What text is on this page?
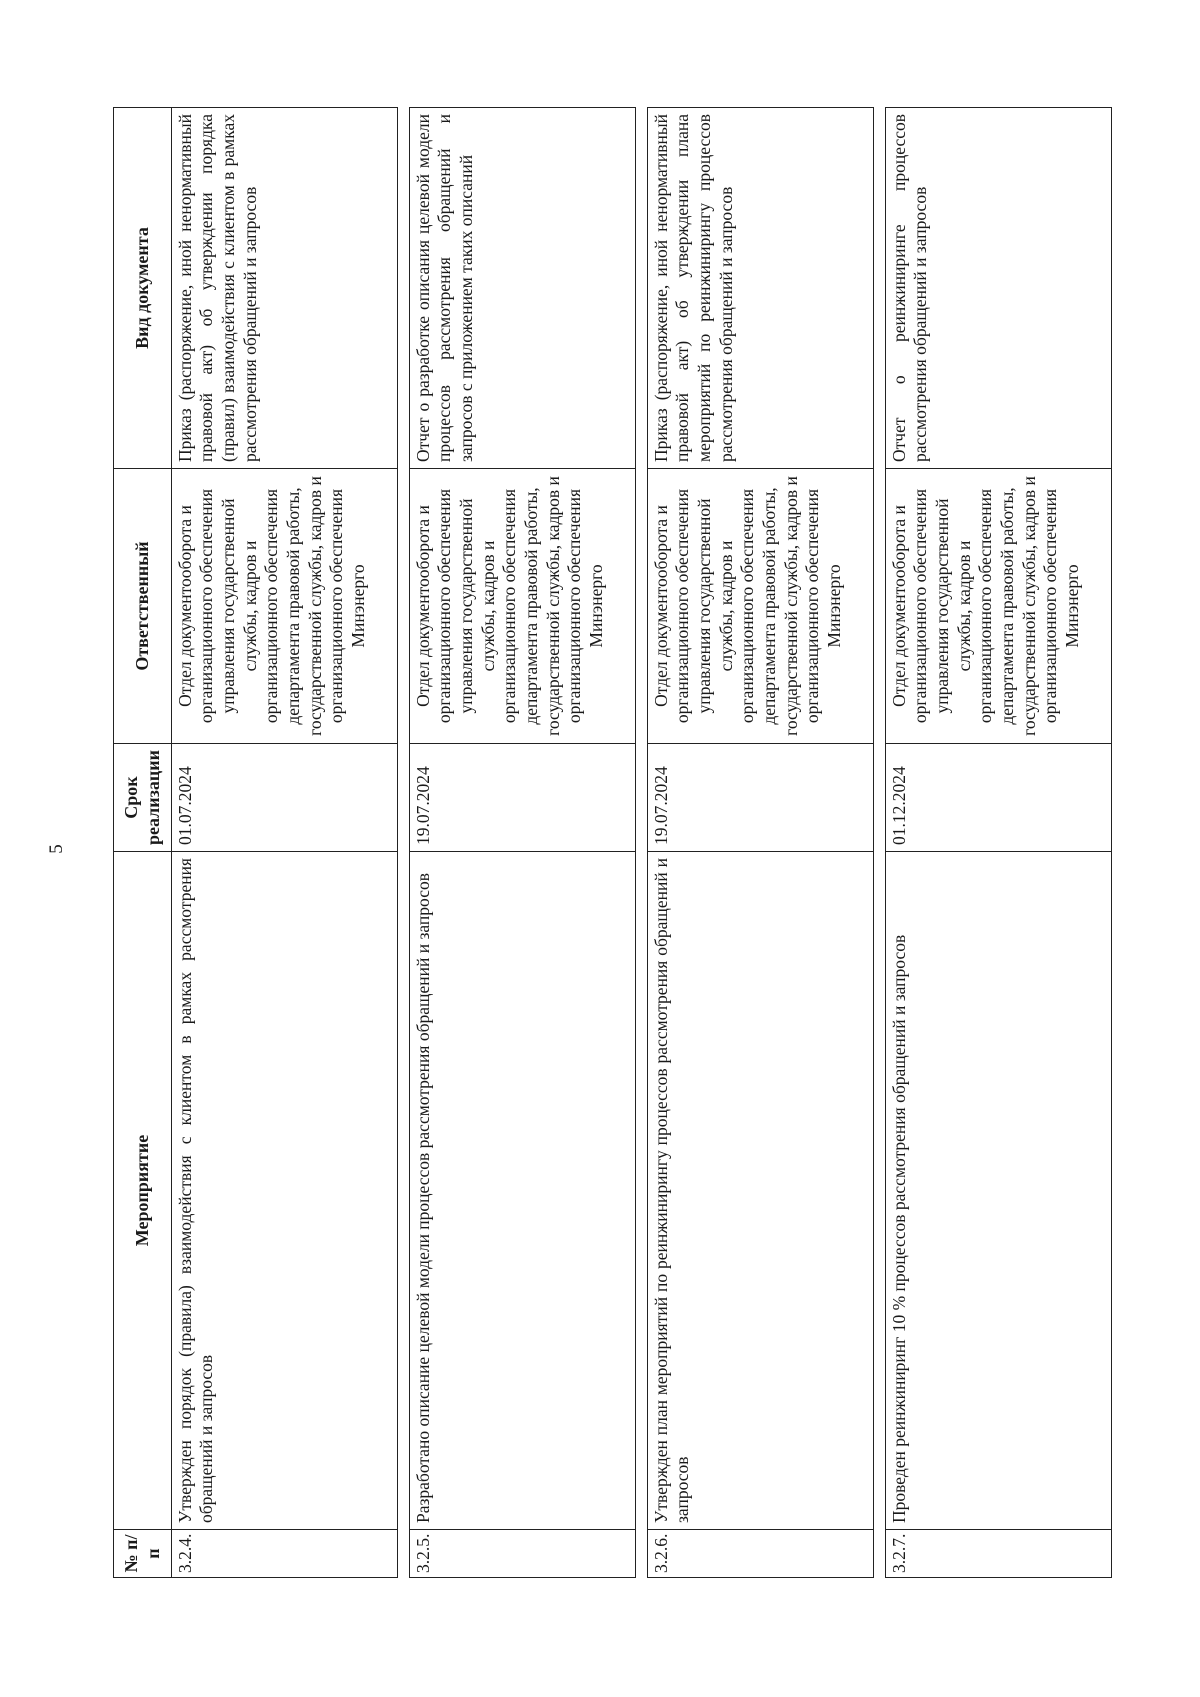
5
№ п/п	Мероприятие	Срок реализации	Ответственный	Вид документа
3.2.4.	Утвержден порядок (правила) взаимодействия с клиентом в рамках рассмотрения обращений и запросов	01.07.2024	Отдел документооборота и организационного обеспечения управления государственной службы, кадров и организационного обеспечения департамента правовой работы, государственной службы, кадров и организационного обеспечения Минэнерго	Приказ (распоряжение, иной ненормативный правовой акт) об утверждении порядка (правил) взаимодействия с клиентом в рамках рассмотрения обращений и запросов

3.2.5.	Разработано описание целевой модели процессов рассмотрения обращений и запросов	19.07.2024	Отдел документооборота и организационного обеспечения управления государственной службы, кадров и организационного обеспечения департамента правовой работы, государственной службы, кадров и организационного обеспечения Минэнерго	Отчет о разработке описания целевой модели процессов рассмотрения обращений и запросов с приложением таких описаний

3.2.6.	Утвержден план мероприятий по реинжинирингу процессов рассмотрения обращений и запросов	19.07.2024	Отдел документооборота и организационного обеспечения управления государственной службы, кадров и организационного обеспечения департамента правовой работы, государственной службы, кадров и организационного обеспечения Минэнерго	Приказ (распоряжение, иной ненормативный правовой акт) об утверждении плана мероприятий по реинжинирингу процессов рассмотрения обращений и запросов

3.2.7.	Проведен реинжиниринг 10 % процессов рассмотрения обращений и запросов	01.12.2024	Отдел документооборота и организационного обеспечения управления государственной службы, кадров и организационного обеспечения департамента правовой работы, государственной службы, кадров и организационного обеспечения Минэнерго	Отчет о реинжиниринге процессов рассмотрения обращений и запросов
